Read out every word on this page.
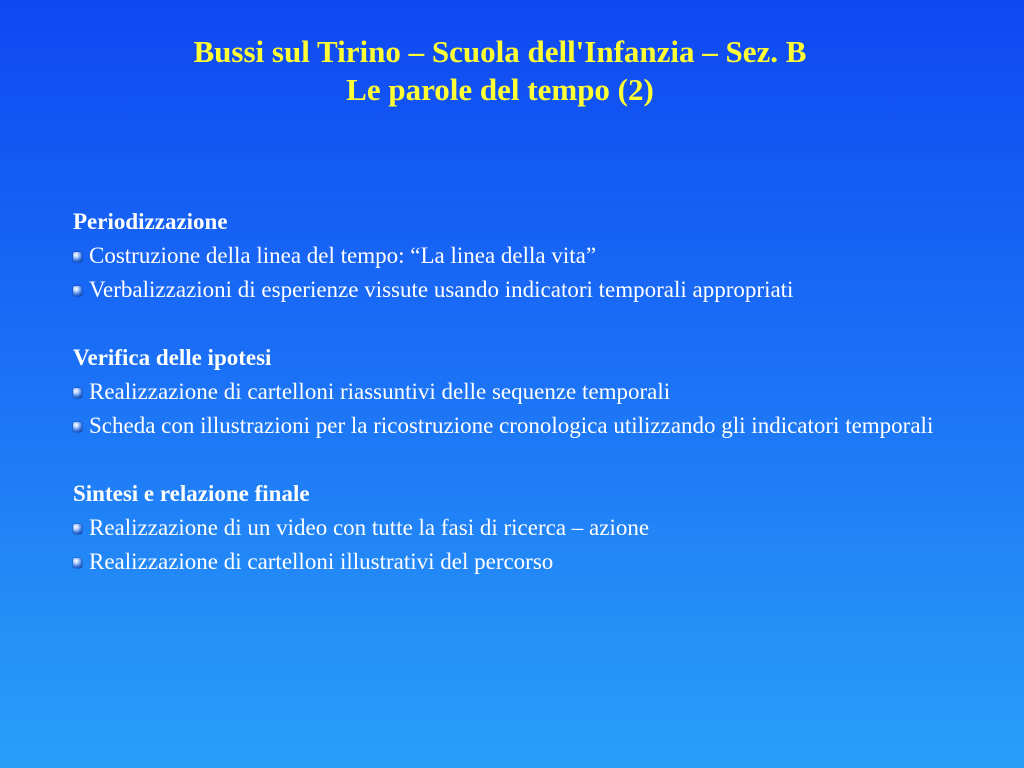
Bussi sul Tirino – Scuola dell'Infanzia – Sez. B
Le parole del tempo (2)
Periodizzazione
Costruzione della linea del tempo: “La linea della vita”
Verbalizzazioni di esperienze vissute usando indicatori temporali appropriati
Verifica delle ipotesi
Realizzazione di cartelloni riassuntivi delle sequenze temporali
Scheda con illustrazioni per la ricostruzione cronologica utilizzando gli indicatori temporali
Sintesi e relazione finale
Realizzazione di un video con tutte la fasi di ricerca – azione
Realizzazione di cartelloni illustrativi del percorso
